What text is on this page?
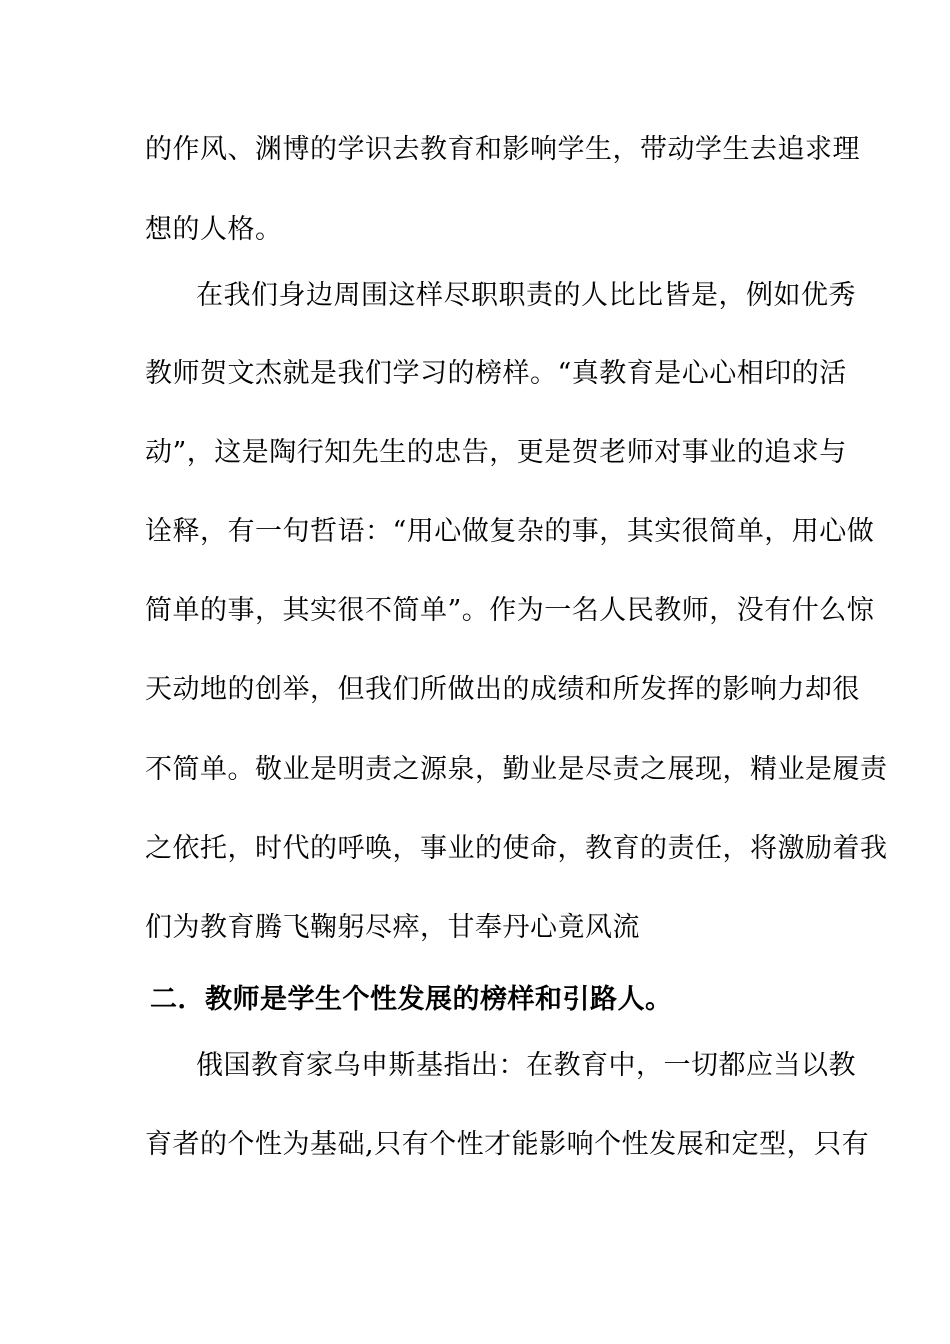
的作风、渊博的学识去教育和影响学生，带动学生去追求理
想的人格。
在我们身边周围这样尽职职责的人比比皆是，例如优秀
教师贺文杰就是我们学习的榜样。“真教育是心心相印的活
动”，这是陶行知先生的忠告，更是贺老师对事业的追求与
诠释，有一句哲语：“用心做复杂的事，其实很简单，用心做
简单的事，其实很不简单”。作为一名人民教师，没有什么惊
天动地的创举，但我们所做出的成绩和所发挥的影响力却很
不简单。敬业是明责之源泉，勤业是尽责之展现，精业是履责
之依托，时代的呼唤，事业的使命，教育的责任，将激励着我
们为教育腾飞鞠躬尽瘁，甘奉丹心竟风流
二．教师是学生个性发展的榜样和引路人。
俄国教育家乌申斯基指出：在教育中，一切都应当以教
育者的个性为基础,只有个性才能影响个性发展和定型，只有
